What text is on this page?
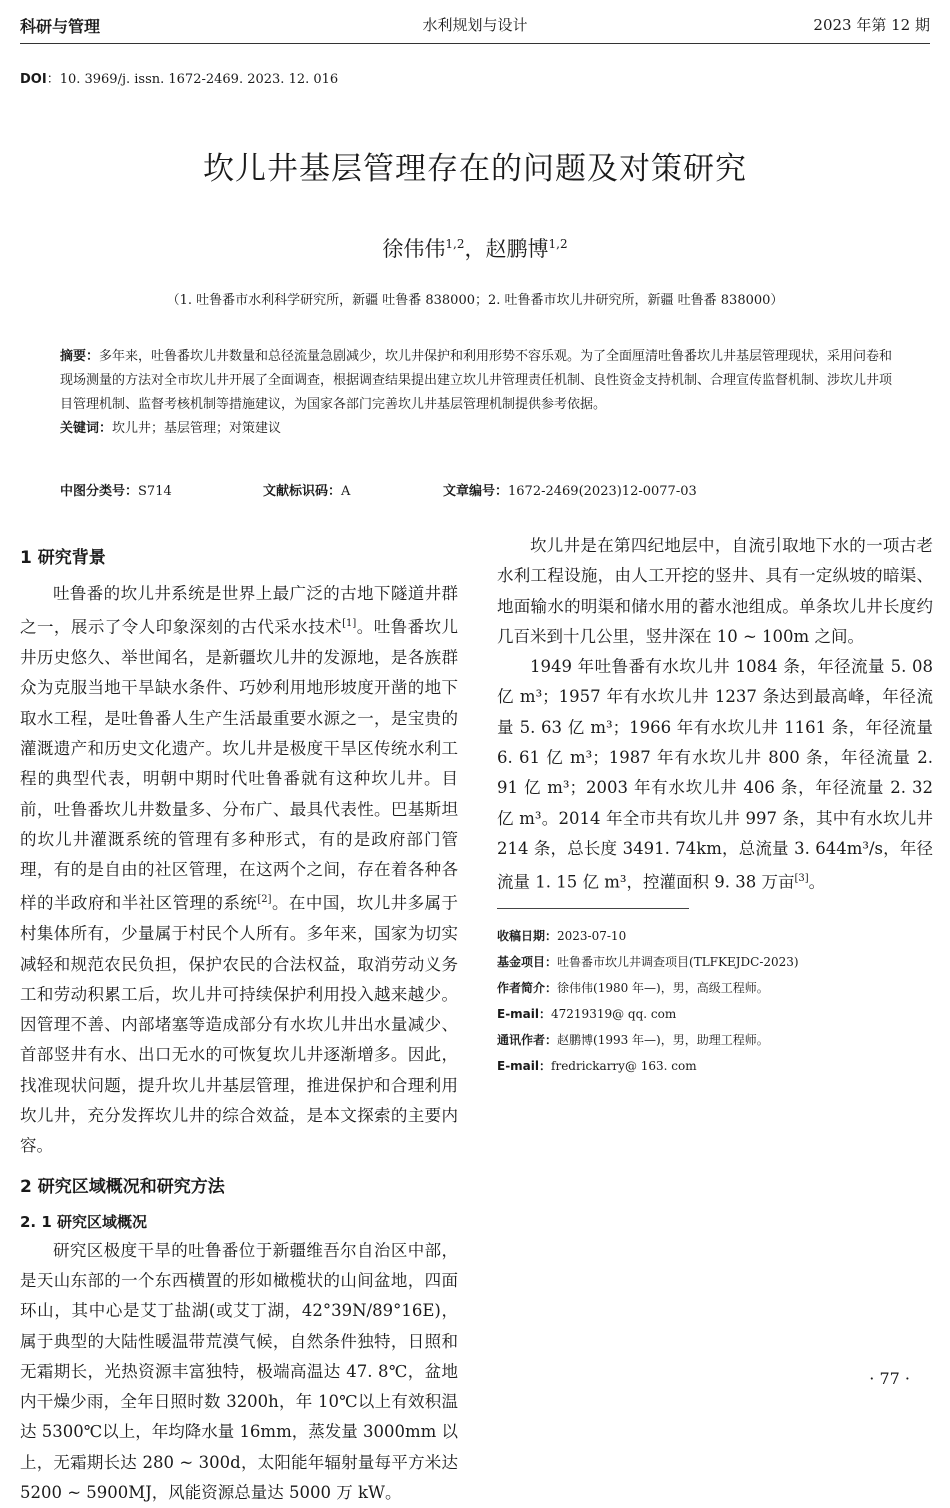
科研与管理	水利规划与设计	2023 年第 12 期
DOI：10. 3969/j. issn. 1672-2469. 2023. 12. 016
坎儿井基层管理存在的问题及对策研究
徐伟伟$^{1,2}$，赵鹏博$^{1,2}$
（1. 吐鲁番市水利科学研究所，新疆 吐鲁番 838000；2. 吐鲁番市坎儿井研究所，新疆 吐鲁番 838000）
摘要：多年来，吐鲁番坎儿井数量和总径流量急剧减少，坎儿井保护和利用形势不容乐观。为了全面厘清吐鲁番坎儿井基层管理现状，采用问卷和现场测量的方法对全市坎儿井开展了全面调查，根据调查结果提出建立坎儿井管理责任机制、良性资金支持机制、合理宣传监督机制、涉坎儿井项目管理机制、监督考核机制等措施建议，为国家各部门完善坎儿井基层管理机制提供参考依据。
关键词：坎儿井；基层管理；对策建议
中图分类号：S714	文献标识码：A	文章编号：1672-2469(2023)12-0077-03
1 研究背景

吐鲁番的坎儿井系统是世界上最广泛的古地下隧道井群之一，展示了令人印象深刻的古代采水技术[1]。吐鲁番坎儿井历史悠久、举世闻名，是新疆坎儿井的发源地，是各族群众为克服当地干旱缺水条件、巧妙利用地形坡度开凿的地下取水工程，是吐鲁番人生产生活最重要水源之一，是宝贵的灌溉遗产和历史文化遗产。坎儿井是极度干旱区传统水利工程的典型代表，明朝中期时代吐鲁番就有这种坎儿井。目前，吐鲁番坎儿井数量多、分布广、最具代表性。巴基斯坦的坎儿井灌溉系统的管理有多种形式，有的是政府部门管理，有的是自由的社区管理，在这两个之间，存在着各种各样的半政府和半社区管理的系统[2]。在中国，坎儿井多属于村集体所有，少量属于村民个人所有。多年来，国家为切实减轻和规范农民负担，保护农民的合法权益，取消劳动义务工和劳动积累工后，坎儿井可持续保护利用投入越来越少。因管理不善、内部堵塞等造成部分有水坎儿井出水量减少、首部竖井有水、出口无水的可恢复坎儿井逐渐增多。因此，找准现状问题，提升坎儿井基层管理，推进保护和合理利用坎儿井，充分发挥坎儿井的综合效益，是本文探索的主要内容。

2 研究区域概况和研究方法
2. 1 研究区域概况

研究区极度干旱的吐鲁番位于新疆维吾尔自治区中部，是天山东部的一个东西横置的形如橄榄状的山间盆地，四面环山，其中心是艾丁盐湖(或艾丁湖，42°39N/89°16E)，属于典型的大陆性暖温带荒漠气候，自然条件独特，日照和无霜期长，光热资源丰富独特，极端高温达 47. 8℃，盆地内干燥少雨，全年日照时数 3200h，年 10℃以上有效积温达 5300℃以上，年均降水量 16mm，蒸发量 3000mm 以上，无霜期长达 280 ~ 300d，太阳能年辐射量每平方米达 5200 ~ 5900MJ，风能资源总量达 5000 万 kW。

坎儿井是在第四纪地层中，自流引取地下水的一项古老水利工程设施，由人工开挖的竖井、具有一定纵坡的暗渠、地面输水的明渠和储水用的蓄水池组成。单条坎儿井长度约几百米到十几公里，竖井深在 10 ~ 100m 之间。

1949 年吐鲁番有水坎儿井 1084 条，年径流量 5. 08 亿 m³；1957 年有水坎儿井 1237 条达到最高峰，年径流量 5. 63 亿 m³；1966 年有水坎儿井 1161 条，年径流量 6. 61 亿 m³；1987 年有水坎儿井 800 条，年径流量 2. 91 亿 m³；2003 年有水坎儿井 406 条，年径流量 2. 32 亿 m³。2014 年全市共有坎儿井 997 条，其中有水坎儿井 214 条，总长度 3491. 74km，总流量 3. 644m³/s，年径流量 1. 15 亿 m³，控灌面积 9. 38 万亩[3]。

收稿日期：2023-07-10
基金项目：吐鲁番市坎儿井调查项目(TLFKEJDC-2023)
作者简介：徐伟伟(1980 年—)，男，高级工程师。
E-mail：47219319@ qq. com
通讯作者：赵鹏博(1993 年—)，男，助理工程师。
E-mail：fredrickarry@ 163. com
· 77 ·
